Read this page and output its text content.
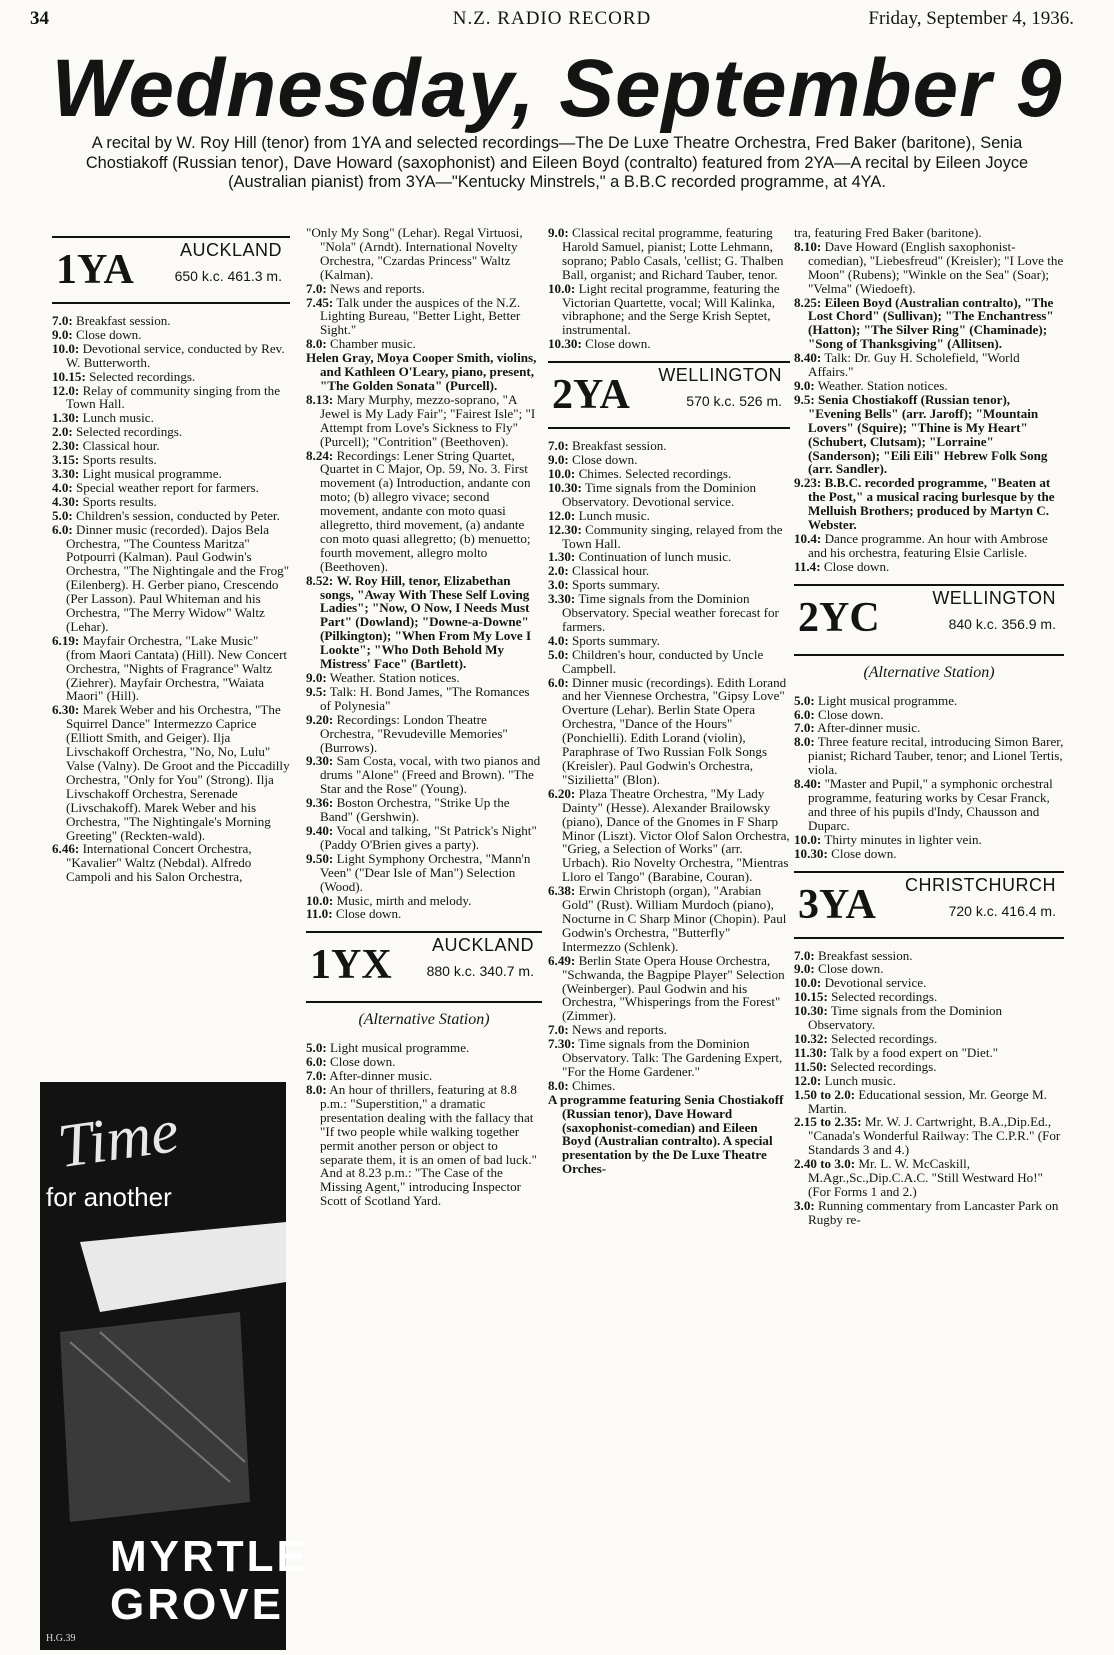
34	N.Z. RADIO RECORD	Friday, September 4, 1936.
Wednesday, September 9
A recital by W. Roy Hill (tenor) from 1YA and selected recordings—The De Luxe Theatre Orchestra, Fred Baker (baritone), Senia Chostiakoff (Russian tenor), Dave Howard (saxophonist) and Eileen Boyd (contralto) featured from 2YA—A recital by Eileen Joyce (Australian pianist) from 3YA—"Kentucky Minstrels," a B.B.C recorded programme, at 4YA.
1YA	AUCKLAND
650 k.c. 461.3 m.

7.0: Breakfast session.

9.0: Close down.

10.0: Devotional service, conducted by Rev. W. Butterworth.

10.15: Selected recordings.

12.0: Relay of community singing from the Town Hall.

1.30: Lunch music.

2.0: Selected recordings.

2.30: Classical hour.

3.15: Sports results.

3.30: Light musical programme.

4.0: Special weather report for farmers.

4.30: Sports results.

5.0: Children's session, conducted by Peter.

6.0: Dinner music (recorded). Dajos Bela Orchestra, "The Countess Maritza" Potpourri (Kalman). Paul Godwin's Orchestra, "The Nightingale and the Frog" (Eilenberg). H. Gerber piano, Crescendo (Per Lasson). Paul Whiteman and his Orchestra, "The Merry Widow" Waltz (Lehar).

6.19: Mayfair Orchestra, "Lake Music" (from Maori Cantata) (Hill). New Concert Orchestra, "Nights of Fragrance" Waltz (Ziehrer). Mayfair Orchestra, "Waiata Maori" (Hill).

6.30: Marek Weber and his Orchestra, "The Squirrel Dance" Intermezzo Caprice (Elliott Smith, and Geiger). Ilja Livschakoff Orchestra, "No, No, Lulu" Valse (Valny). De Groot and the Piccadilly Orchestra, "Only for You" (Strong). Ilja Livschakoff Orchestra, Serenade (Livschakoff). Marek Weber and his Orchestra, "The Nightingale's Morning Greeting" (Reckten-wald).

6.46: International Concert Orchestra, "Kavalier" Waltz (Nebdal). Alfredo Campoli and his Salon Orchestra,

Time
for another
MYRTLE
GROVE
H.G.39

"Only My Song" (Lehar). Regal Virtuosi, "Nola" (Arndt). International Novelty Orchestra, "Czardas Princess" Waltz (Kalman).

7.0: News and reports.

7.45: Talk under the auspices of the N.Z. Lighting Bureau, "Better Light, Better Sight."

8.0: Chamber music.

Helen Gray, Moya Cooper Smith, violins, and Kathleen O'Leary, piano, present, "The Golden Sonata" (Purcell).

8.13: Mary Murphy, mezzo-soprano, "A Jewel is My Lady Fair"; "Fairest Isle"; "I Attempt from Love's Sickness to Fly" (Purcell); "Contrition" (Beethoven).

8.24: Recordings: Lener String Quartet, Quartet in C Major, Op. 59, No. 3. First movement (a) Introduction, andante con moto; (b) allegro vivace; second movement, andante con moto quasi allegretto, third movement, (a) andante con moto quasi allegretto; (b) menuetto; fourth movement, allegro molto (Beethoven).

8.52: W. Roy Hill, tenor, Elizabethan songs, "Away With These Self Loving Ladies"; "Now, O Now, I Needs Must Part" (Dowland); "Downe-a-Downe" (Pilkington); "When From My Love I Lookte"; "Who Doth Behold My Mistress' Face" (Bartlett).

9.0: Weather. Station notices.

9.5: Talk: H. Bond James, "The Romances of Polynesia"

9.20: Recordings: London Theatre Orchestra, "Revudeville Memories" (Burrows).

9.30: Sam Costa, vocal, with two pianos and drums "Alone" (Freed and Brown). "The Star and the Rose" (Young).

9.36: Boston Orchestra, "Strike Up the Band" (Gershwin).

9.40: Vocal and talking, "St Patrick's Night" (Paddy O'Brien gives a party).

9.50: Light Symphony Orchestra, "Mann'n Veen" ("Dear Isle of Man") Selection (Wood).

10.0: Music, mirth and melody.

11.0: Close down.

1YX AUCKLAND
880 k.c. 340.7 m.
(Alternative Station)

5.0: Light musical programme.

6.0: Close down.

7.0: After-dinner music.

8.0: An hour of thrillers, featuring at 8.8 p.m.: "Superstition," a dramatic presentation dealing with the fallacy that "If two people while walking together permit another person or object to separate them, it is an omen of bad luck." And at 8.23 p.m.: "The Case of the Missing Agent," introducing Inspector Scott of Scotland Yard.

9.0: Classical recital programme, featuring Harold Samuel, pianist; Lotte Lehmann, soprano; Pablo Casals, 'cellist; G. Thalben Ball, organist; and Richard Tauber, tenor.

10.0: Light recital programme, featuring the Victorian Quartette, vocal; Will Kalinka, vibraphone; and the Serge Krish Septet, instrumental.

10.30: Close down.

2YA WELLINGTON
570 k.c. 526 m.

7.0: Breakfast session.

9.0: Close down.

10.0: Chimes. Selected recordings.

10.30: Time signals from the Dominion Observatory. Devotional service.

12.0: Lunch music.

12.30: Community singing, relayed from the Town Hall.

1.30: Continuation of lunch music.

2.0: Classical hour.

3.0: Sports summary.

3.30: Time signals from the Dominion Observatory. Special weather forecast for farmers.

4.0: Sports summary.

5.0: Children's hour, conducted by Uncle Campbell.

6.0: Dinner music (recordings). Edith Lorand and her Viennese Orchestra, "Gipsy Love" Overture (Lehar). Berlin State Opera Orchestra, "Dance of the Hours" (Ponchielli). Edith Lorand (violin), Paraphrase of Two Russian Folk Songs (Kreisler). Paul Godwin's Orchestra, "Sizilietta" (Blon).

6.20: Plaza Theatre Orchestra, "My Lady Dainty" (Hesse). Alexander Brailowsky (piano), Dance of the Gnomes in F Sharp Minor (Liszt). Victor Olof Salon Orchestra, "Grieg, a Selection of Works" (arr. Urbach). Rio Novelty Orchestra, "Mientras Lloro el Tango" (Barabine, Couran).

6.38: Erwin Christoph (organ), "Arabian Gold" (Rust). William Murdoch (piano), Nocturne in C Sharp Minor (Chopin). Paul Godwin's Orchestra, "Butterfly" Intermezzo (Schlenk).

6.49: Berlin State Opera House Orchestra, "Schwanda, the Bagpipe Player" Selection (Weinberger). Paul Godwin and his Orchestra, "Whisperings from the Forest" (Zimmer).

7.0: News and reports.

7.30: Time signals from the Dominion Observatory. Talk: The Gardening Expert, "For the Home Gardener."

8.0: Chimes.

A programme featuring Senia Chostiakoff (Russian tenor), Dave Howard (saxophonist-comedian) and Eileen Boyd (Australian contralto). A special presentation by the De Luxe Theatre Orches-

tra, featuring Fred Baker (baritone).

8.10: Dave Howard (English saxophonist-comedian), "Liebesfreud" (Kreisler); "I Love the Moon" (Rubens); "Winkle on the Sea" (Soar); "Velma" (Wiedoeft).

8.25: Eileen Boyd (Australian contralto), "The Lost Chord" (Sullivan); "The Enchantress" (Hatton); "The Silver Ring" (Chaminade); "Song of Thanksgiving" (Allitsen).

8.40: Talk: Dr. Guy H. Scholefield, "World Affairs."

9.0: Weather. Station notices.

9.5: Senia Chostiakoff (Russian tenor), "Evening Bells" (arr. Jaroff); "Mountain Lovers" (Squire); "Thine is My Heart" (Schubert, Clutsam); "Lorraine" (Sanderson); "Eili Eili" Hebrew Folk Song (arr. Sandler).

9.23: B.B.C. recorded programme, "Beaten at the Post," a musical racing burlesque by the Melluish Brothers; produced by Martyn C. Webster.

10.4: Dance programme. An hour with Ambrose and his orchestra, featuring Elsie Carlisle.

11.4: Close down.

2YC	WELLINGTON
840 k.c. 356.9 m.
(Alternative Station)

5.0: Light musical programme.

6.0: Close down.

7.0: After-dinner music.

8.0: Three feature recital, introducing Simon Barer, pianist; Richard Tauber, tenor; and Lionel Tertis, viola.

8.40: "Master and Pupil," a symphonic orchestral programme, featuring works by Cesar Franck, and three of his pupils d'Indy, Chausson and Duparc.

10.0: Thirty minutes in lighter vein.

10.30: Close down.

3YA CHRISTCHURCH
720 k.c. 416.4 m.

7.0: Breakfast session.

9.0: Close down.

10.0: Devotional service.

10.15: Selected recordings.

10.30: Time signals from the Dominion Observatory.

10.32: Selected recordings.

11.30: Talk by a food expert on "Diet."

11.50: Selected recordings.

12.0: Lunch music.

1.50 to 2.0: Educational session, Mr. George M. Martin.

2.15 to 2.35: Mr. W. J. Cartwright, B.A.,Dip.Ed., "Canada's Wonderful Railway: The C.P.R." (For Standards 3 and 4.)

2.40 to 3.0: Mr. L. W. McCaskill, M.Agr.,Sc.,Dip.C.A.C. "Still Westward Ho!" (For Forms 1 and 2.)

3.0: Running commentary from Lancaster Park on Rugby re-
